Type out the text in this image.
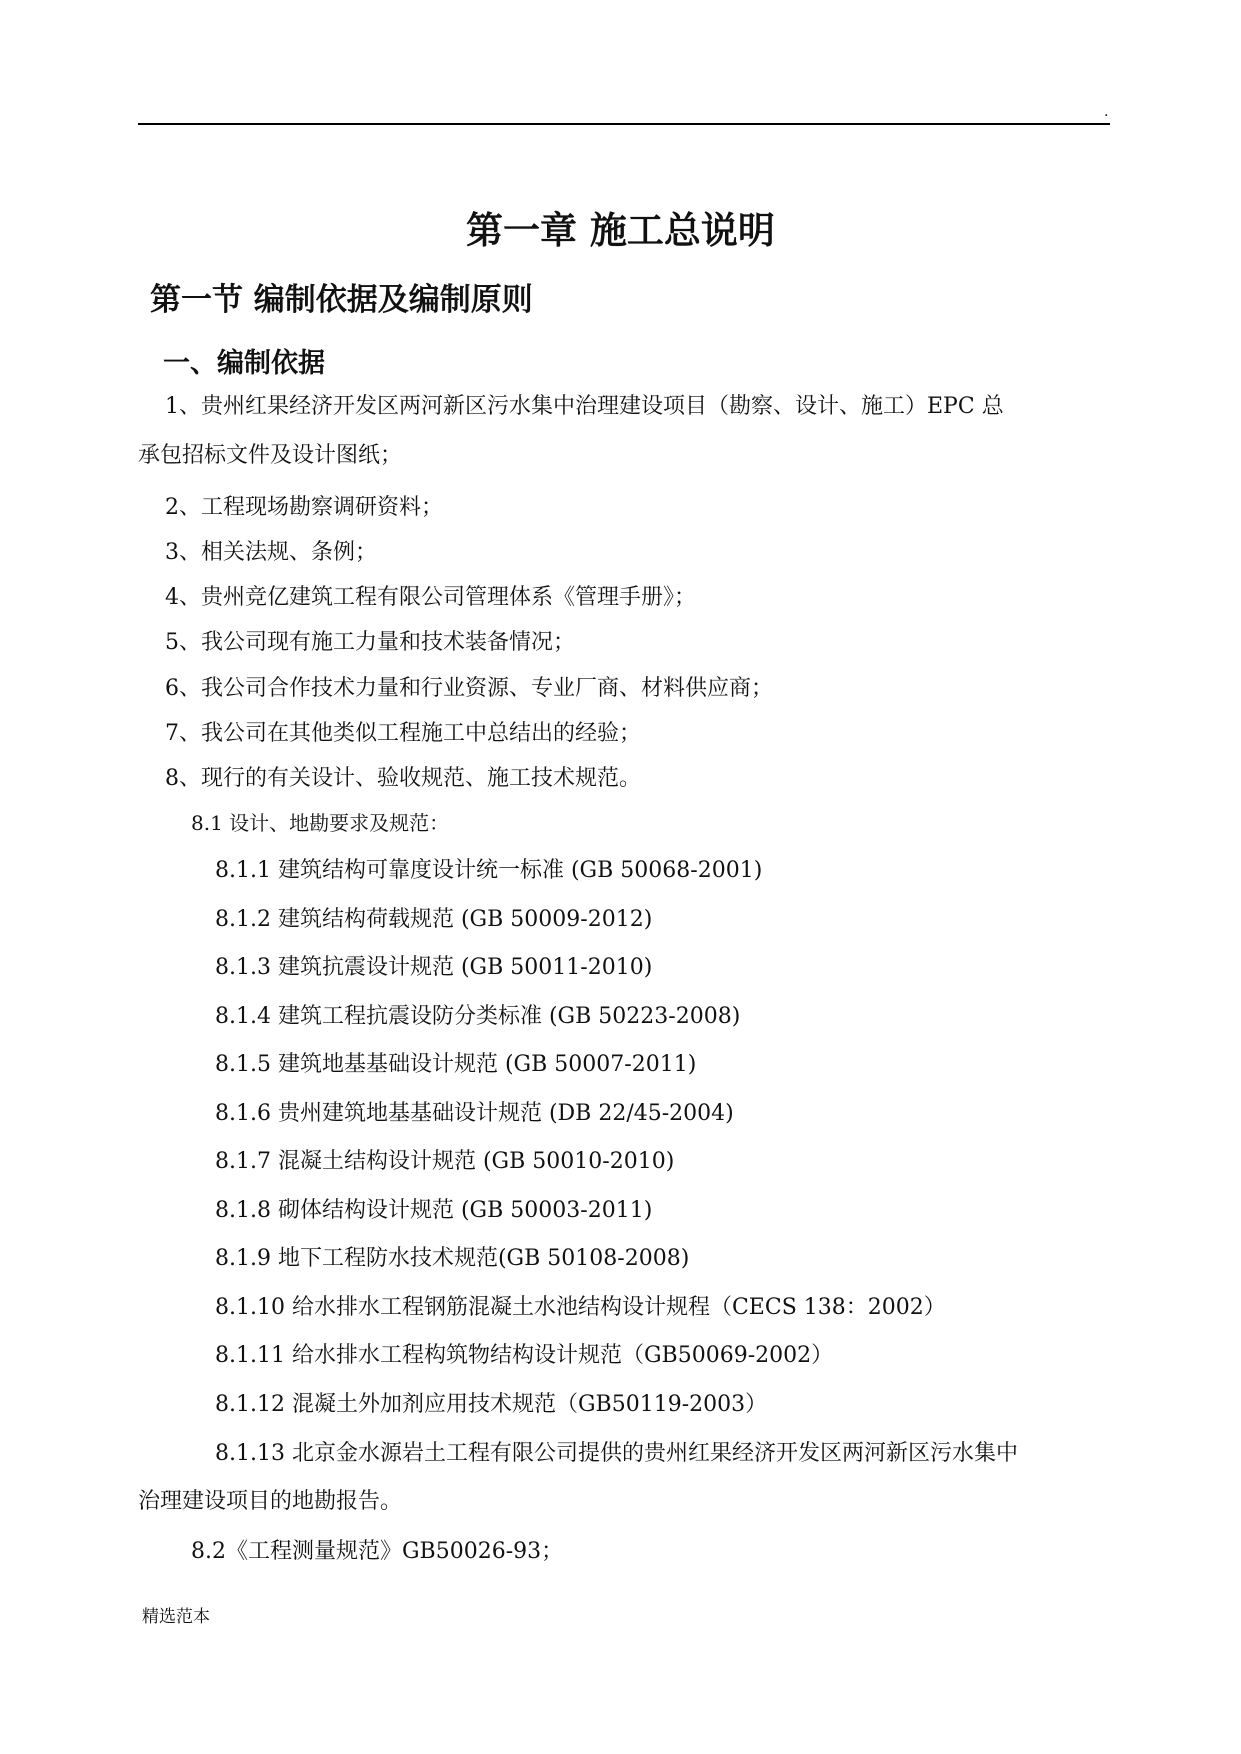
.
第一章 施工总说明
第一节 编制依据及编制原则
一、编制依据
1、贵州红果经济开发区两河新区污水集中治理建设项目（勘察、设计、施工）EPC 总
承包招标文件及设计图纸；
2、工程现场勘察调研资料；
3、相关法规、条例；
4、贵州竞亿建筑工程有限公司管理体系《管理手册》；
5、我公司现有施工力量和技术装备情况；
6、我公司合作技术力量和行业资源、专业厂商、材料供应商；
7、我公司在其他类似工程施工中总结出的经验；
8、现行的有关设计、验收规范、施工技术规范。
8.1 设计、地勘要求及规范：
8.1.1 建筑结构可靠度设计统一标准 (GB 50068-2001)
8.1.2 建筑结构荷载规范 (GB 50009-2012)
8.1.3 建筑抗震设计规范 (GB 50011-2010)
8.1.4 建筑工程抗震设防分类标准 (GB 50223-2008)
8.1.5 建筑地基基础设计规范 (GB 50007-2011)
8.1.6 贵州建筑地基基础设计规范 (DB 22/45-2004)
8.1.7 混凝土结构设计规范 (GB 50010-2010)
8.1.8 砌体结构设计规范 (GB 50003-2011)
8.1.9 地下工程防水技术规范(GB 50108-2008)
8.1.10 给水排水工程钢筋混凝土水池结构设计规程（CECS 138：2002）
8.1.11 给水排水工程构筑物结构设计规范（GB50069-2002）
8.1.12 混凝土外加剂应用技术规范（GB50119-2003）
8.1.13 北京金水源岩土工程有限公司提供的贵州红果经济开发区两河新区污水集中
治理建设项目的地勘报告。
8.2《工程测量规范》GB50026-93；
精选范本
